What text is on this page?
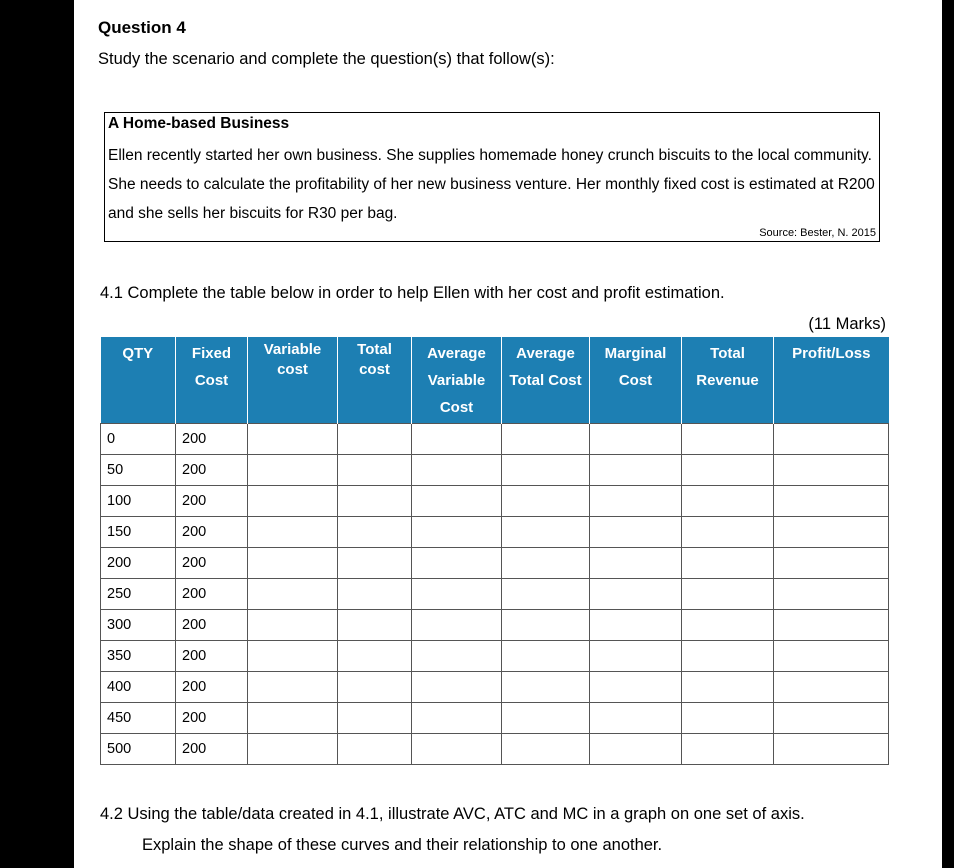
Question 4
Study the scenario and complete the question(s) that follow(s):
A Home-based Business
Ellen recently started her own business. She supplies homemade honey crunch biscuits to the local community. She needs to calculate the profitability of her new business venture. Her monthly fixed cost is estimated at R200 and she sells her biscuits for R30 per bag.
Source: Bester, N. 2015
4.1 Complete the table below in order to help Ellen with her cost and profit estimation.
(11 Marks)
QTY	Fixed Cost	Variable cost	Total cost	Average Variable Cost	Average Total Cost	Marginal Cost	Total Revenue	Profit/Loss
0	200							
50	200							
100	200							
150	200							
200	200							
250	200							
300	200							
350	200							
400	200							
450	200							
500	200							
4.2 Using the table/data created in 4.1, illustrate AVC, ATC and MC in a graph on one set of axis.
Explain the shape of these curves and their relationship to one another.
